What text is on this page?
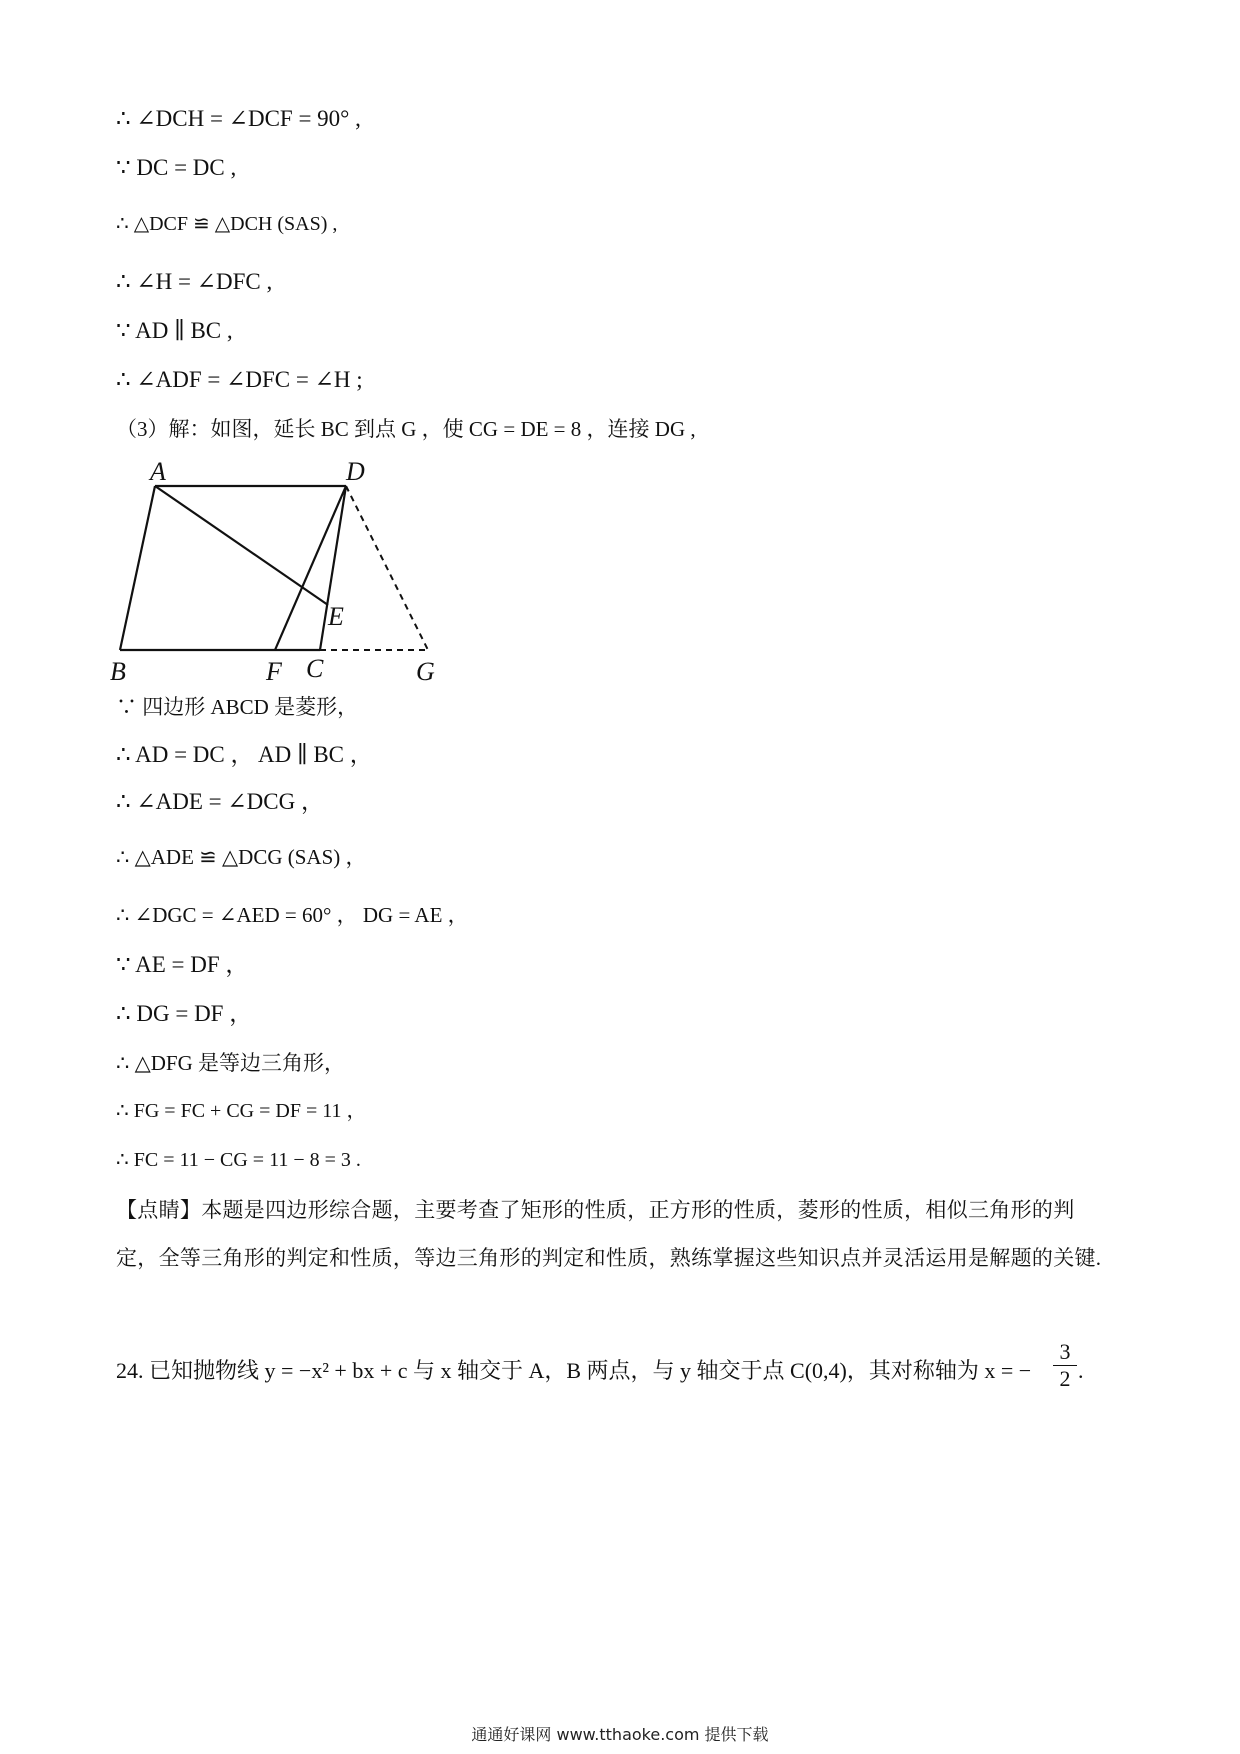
∴ ∠DCH = ∠DCF = 90° ,
∵ DC = DC ,
∴ △DCF ≌ △DCH (SAS) ,
∴ ∠H = ∠DFC ,
∵ AD ∥ BC ,
∴ ∠ADF = ∠DFC = ∠H ;
（3）解：如图，延长 BC 到点 G ，使 CG = DE = 8 ，连接 DG ,
A	D
E
B	F C	G
∵ 四边形 ABCD 是菱形，
∴ AD = DC ， AD ∥ BC ，
∴ ∠ADE = ∠DCG ，
∴ △ADE ≌ △DCG (SAS) ，
∴ ∠DGC = ∠AED = 60° ， DG = AE ，
∵ AE = DF ，
∴ DG = DF ，
∴ △DFG 是等边三角形，
∴ FG = FC + CG = DF = 11 ，
∴ FC = 11 − CG = 11 − 8 = 3 .
【点睛】本题是四边形综合题，主要考查了矩形的性质，正方形的性质，菱形的性质，相似三角形的判定，全等三角形的判定和性质，等边三角形的判定和性质，熟练掌握这些知识点并灵活运用是解题的关键.
24. 已知抛物线 y = −x² + bx + c 与 x 轴交于 A，B 两点，与 y 轴交于点 C(0,4)，其对称轴为 x = −
3
2 .
通通好课网 www.tthaoke.com 提供下载
